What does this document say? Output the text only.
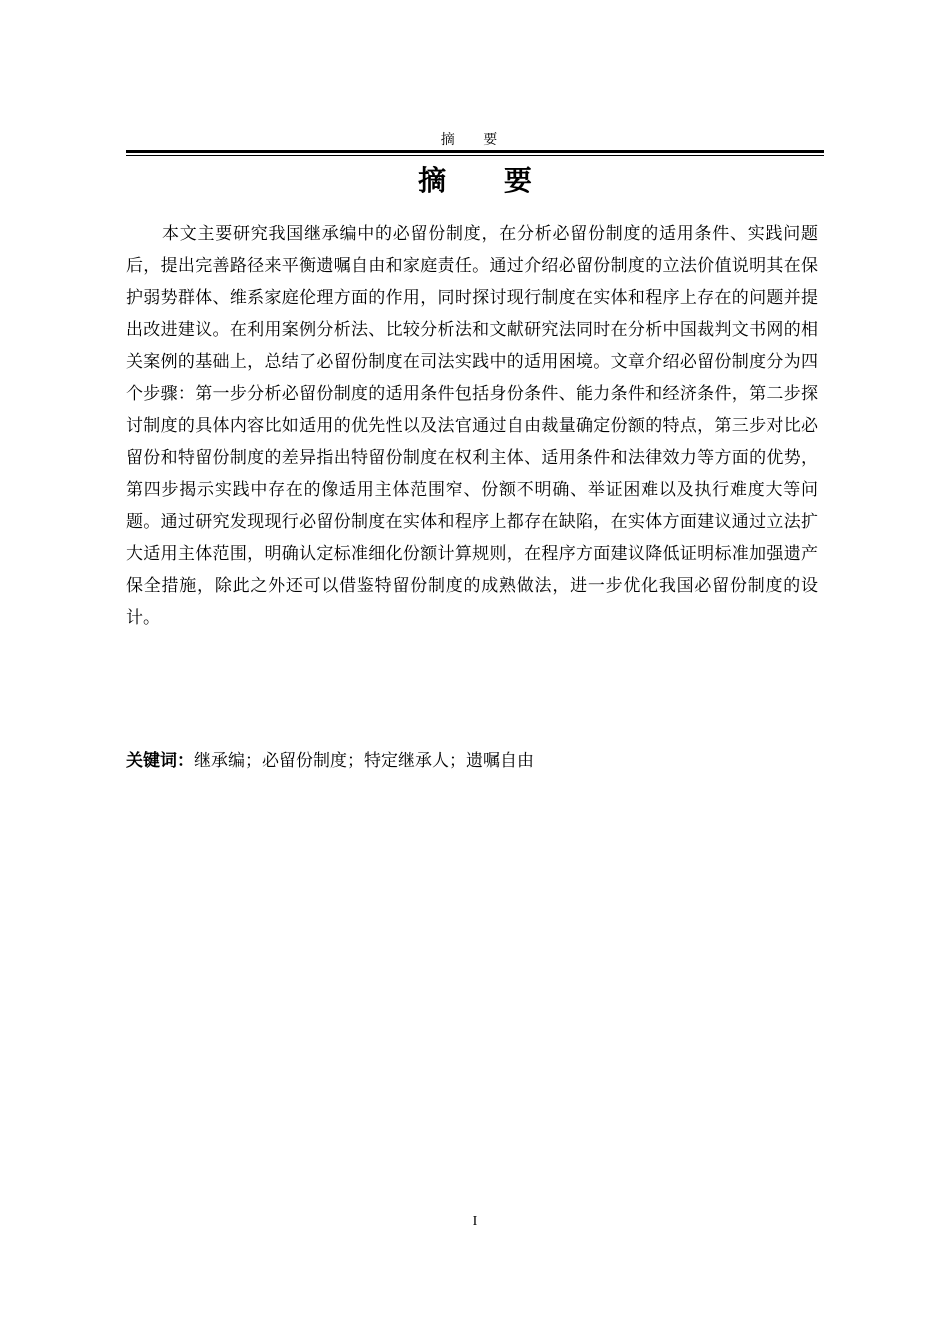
摘 要
摘 要

本文主要研究我国继承编中的必留份制度，在分析必留份制度的适用条件、实践问题后，提出完善路径来平衡遗嘱自由和家庭责任。通过介绍必留份制度的立法价值说明其在保护弱势群体、维系家庭伦理方面的作用，同时探讨现行制度在实体和程序上存在的问题并提出改进建议。在利用案例分析法、比较分析法和文献研究法同时在分析中国裁判文书网的相关案例的基础上，总结了必留份制度在司法实践中的适用困境。文章介绍必留份制度分为四个步骤：第一步分析必留份制度的适用条件包括身份条件、能力条件和经济条件，第二步探讨制度的具体内容比如适用的优先性以及法官通过自由裁量确定份额的特点，第三步对比必留份和特留份制度的差异指出特留份制度在权利主体、适用条件和法律效力等方面的优势，第四步揭示实践中存在的像适用主体范围窄、份额不明确、举证困难以及执行难度大等问题。通过研究发现现行必留份制度在实体和程序上都存在缺陷，在实体方面建议通过立法扩大适用主体范围，明确认定标准细化份额计算规则，在程序方面建议降低证明标准加强遗产保全措施，除此之外还可以借鉴特留份制度的成熟做法，进一步优化我国必留份制度的设计。

关键词：继承编；必留份制度；特定继承人；遗嘱自由

I
